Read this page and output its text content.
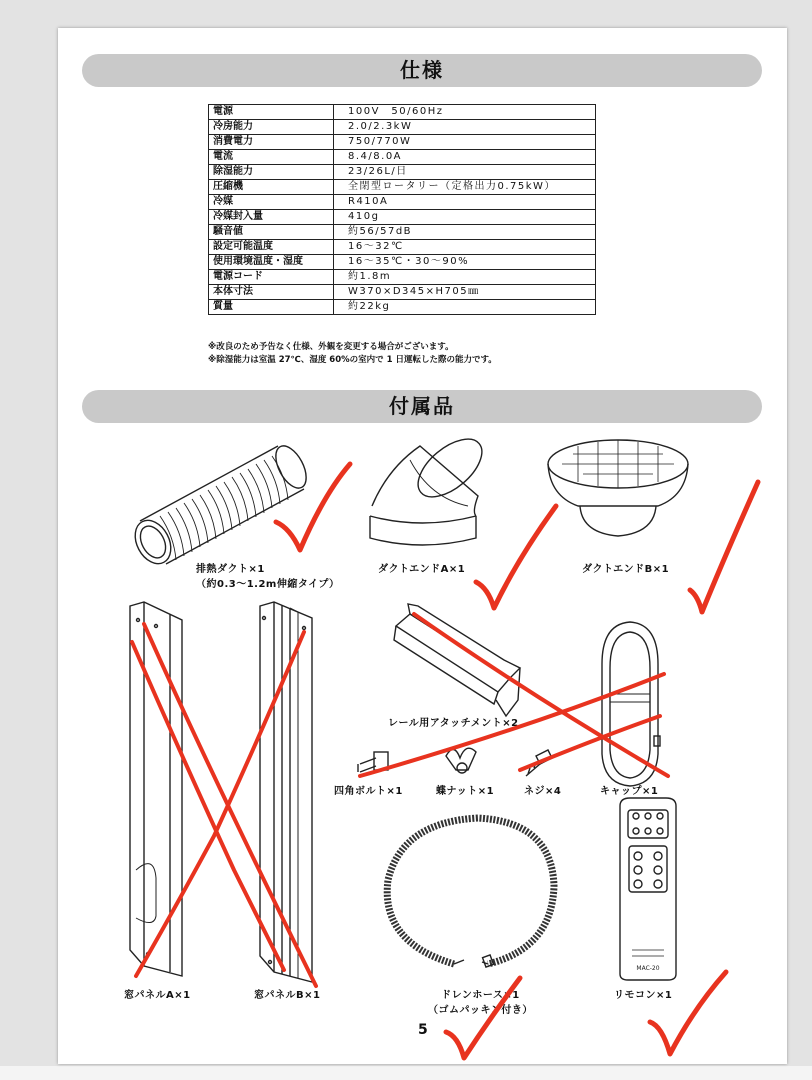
仕様
電源	100V　50/60Hz
冷房能力	2.0/2.3kW
消費電力	750/770W
電流	8.4/8.0A
除湿能力	23/26L/日
圧縮機	全閉型ロータリー（定格出力0.75kW）
冷媒	R410A
冷媒封入量	410g
騒音値	約56/57dB
設定可能温度	16〜32℃
使用環境温度・湿度	16〜35℃・30〜90%
電源コード	約1.8m
本体寸法	W370×D345×H705㎜
質量	約22kg
※改良のため予告なく仕様、外観を変更する場合がございます。
※除湿能力は室温 27℃、湿度 60%の室内で 1 日運転した際の能力です。
付属品
MAC-20
排熱ダクト×1
（約0.3〜1.2m伸縮タイプ）
ダクトエンドA×1	ダクトエンドB×1
レール用アタッチメント×2
四角ボルト×1	蝶ナット×1	ネジ×4	キャップ×1
窓パネルA×1	窓パネルB×1	ドレンホース×1
（ゴムパッキン付き）
リモコン×1
5
